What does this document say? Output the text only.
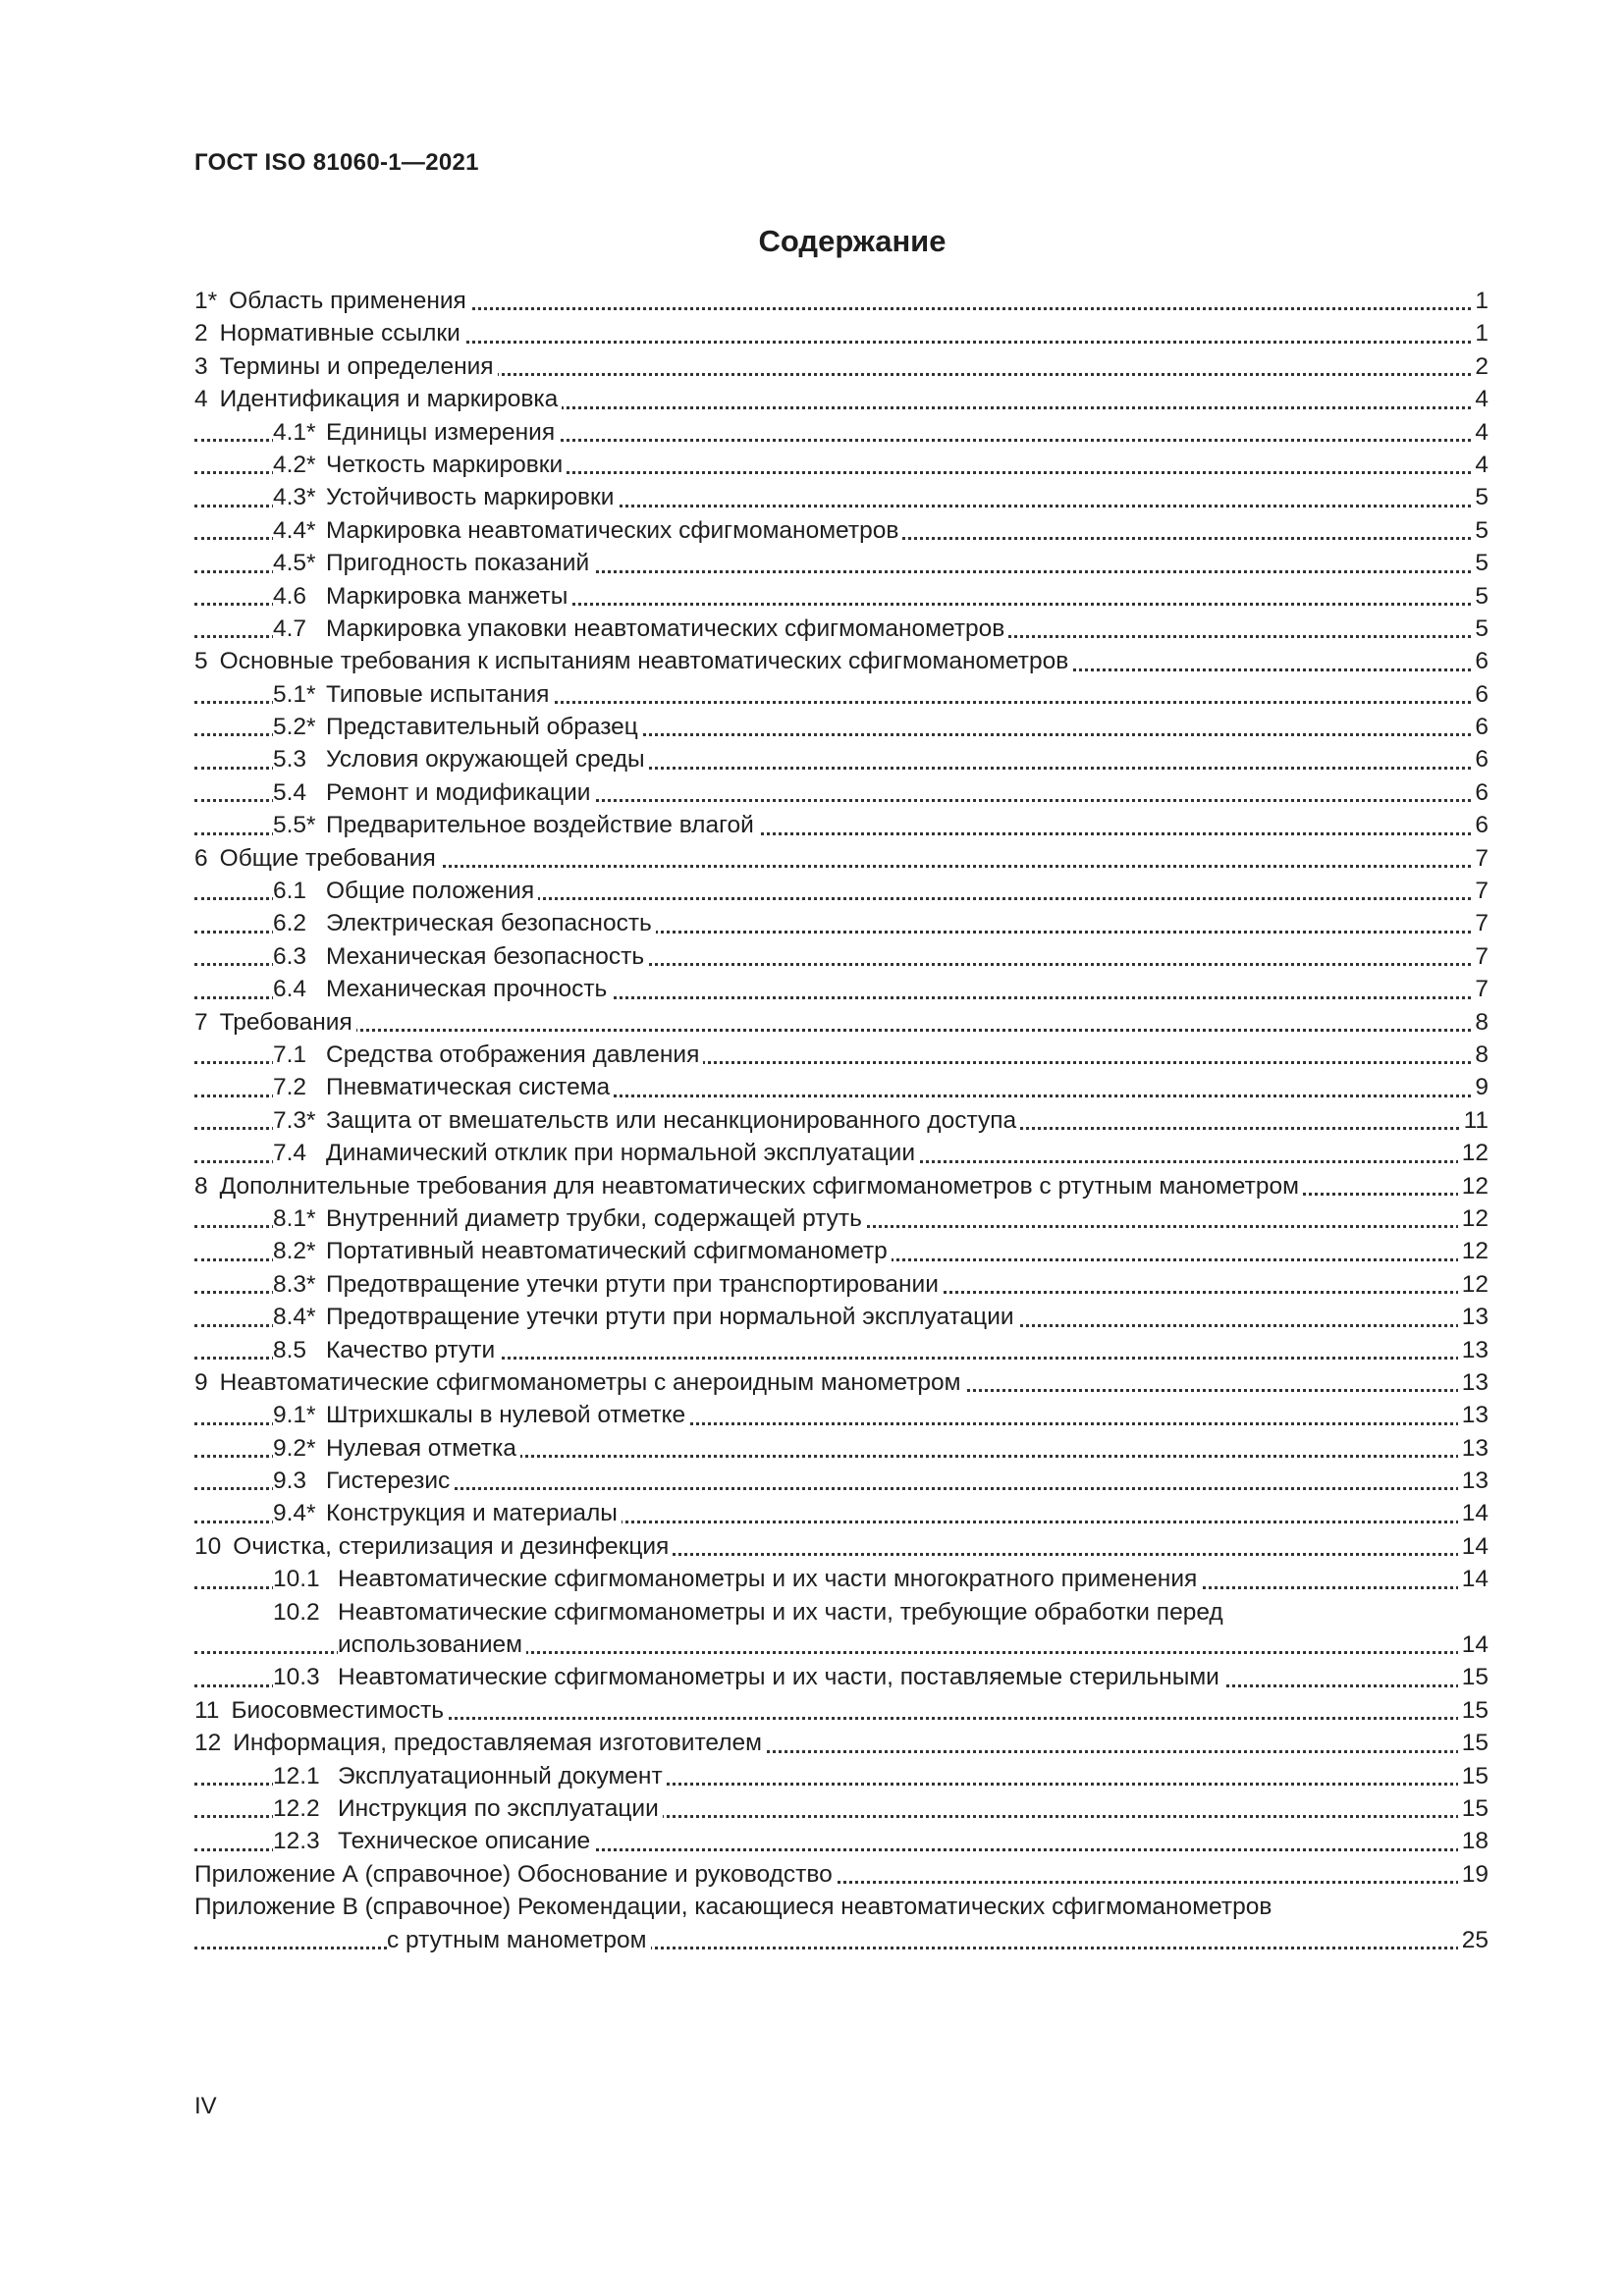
ГОСТ ISO 81060-1—2021
Содержание
1* Область применения	1
2 Нормативные ссылки	1
3 Термины и определения	2
4 Идентификация и маркировка	4
4.1* Единицы измерения	4
4.2* Четкость маркировки	4
4.3* Устойчивость маркировки	5
4.4* Маркировка неавтоматических сфигмоманометров	5
4.5* Пригодность показаний	5
4.6 Маркировка манжеты	5
4.7 Маркировка упаковки неавтоматических сфигмоманометров	5
5 Основные требования к испытаниям неавтоматических сфигмоманометров	6
5.1* Типовые испытания	6
5.2* Представительный образец	6
5.3 Условия окружающей среды	6
5.4 Ремонт и модификации	6
5.5* Предварительное воздействие влагой	6
6 Общие требования	7
6.1 Общие положения	7
6.2 Электрическая безопасность	7
6.3 Механическая безопасность	7
6.4 Механическая прочность	7
7 Требования	8
7.1 Средства отображения давления	8
7.2 Пневматическая система	9
7.3* Защита от вмешательств или несанкционированного доступа	11
7.4 Динамический отклик при нормальной эксплуатации	12
8 Дополнительные требования для неавтоматических сфигмоманометров с ртутным манометром	12
8.1* Внутренний диаметр трубки, содержащей ртуть	12
8.2* Портативный неавтоматический сфигмоманометр	12
8.3* Предотвращение утечки ртути при транспортировании	12
8.4* Предотвращение утечки ртути при нормальной эксплуатации	13
8.5 Качество ртути	13
9 Неавтоматические сфигмоманометры с анероидным манометром	13
9.1* Штрихшкалы в нулевой отметке	13
9.2* Нулевая отметка	13
9.3 Гистерезис	13
9.4* Конструкция и материалы	14
10 Очистка, стерилизация и дезинфекция	14
10.1 Неавтоматические сфигмоманометры и их части многократного применения	14
10.2 Неавтоматические сфигмоманометры и их части, требующие обработки перед
использованием	14
10.3 Неавтоматические сфигмоманометры и их части, поставляемые стерильными	15
11 Биосовместимость	15
12 Информация, предоставляемая изготовителем	15
12.1 Эксплуатационный документ	15
12.2 Инструкция по эксплуатации	15
12.3 Техническое описание	18
Приложение А (справочное) Обоснование и руководство	19
Приложение В (справочное) Рекомендации, касающиеся неавтоматических сфигмоманометров
с ртутным манометром	25
IV
